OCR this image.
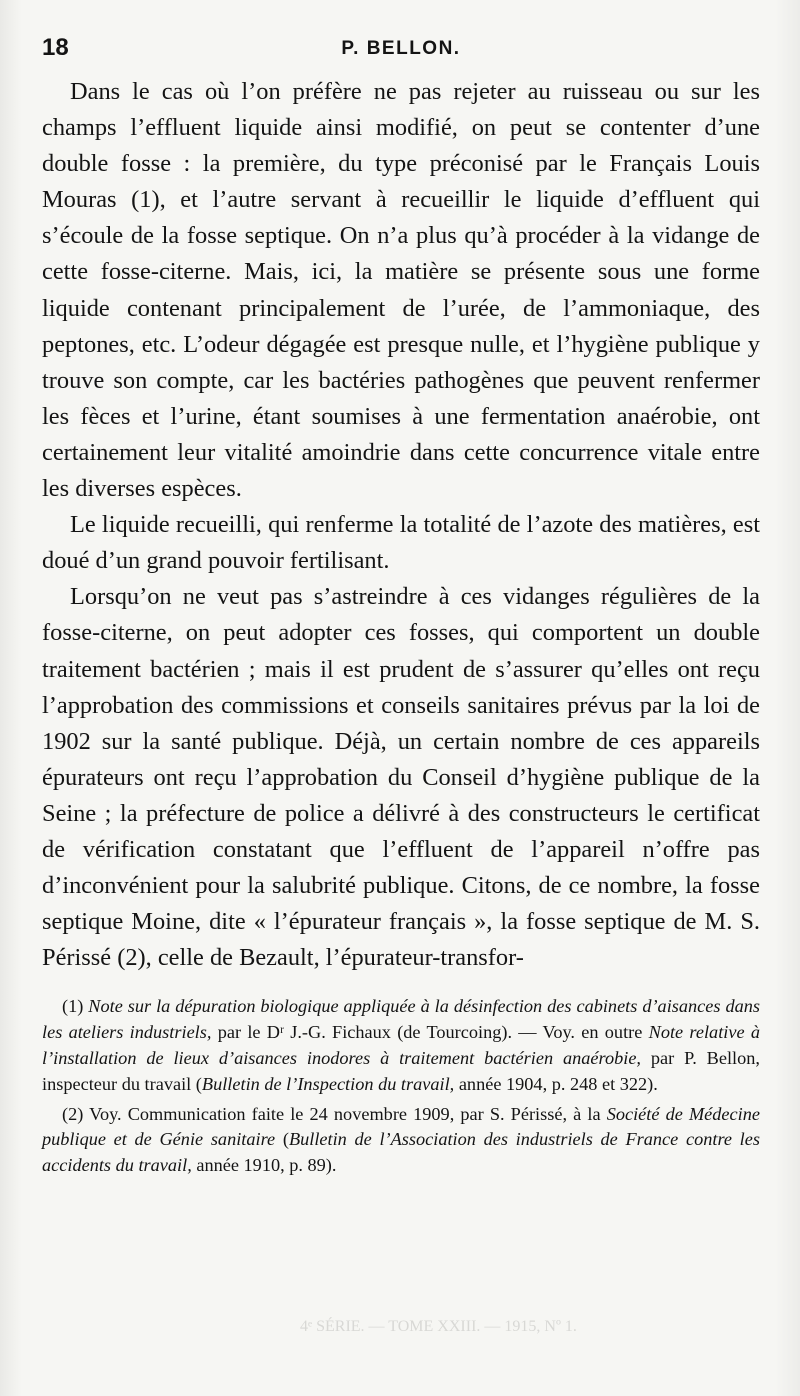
18	P. BELLON.

Dans le cas où l’on préfère ne pas rejeter au ruisseau ou sur les champs l’effluent liquide ainsi modifié, on peut se contenter d’une double fosse : la première, du type préconisé par le Français Louis Mouras (1), et l’autre servant à recueillir le liquide d’effluent qui s’écoule de la fosse septique. On n’a plus qu’à procéder à la vidange de cette fosse-citerne. Mais, ici, la matière se présente sous une forme liquide contenant principalement de l’urée, de l’ammoniaque, des peptones, etc. L’odeur dégagée est presque nulle, et l’hygiène publique y trouve son compte, car les bactéries pathogènes que peuvent renfermer les fèces et l’urine, étant soumises à une fermentation anaérobie, ont certainement leur vitalité amoindrie dans cette concurrence vitale entre les diverses espèces.

Le liquide recueilli, qui renferme la totalité de l’azote des matières, est doué d’un grand pouvoir fertilisant.

Lorsqu’on ne veut pas s’astreindre à ces vidanges régulières de la fosse-citerne, on peut adopter ces fosses, qui comportent un double traitement bactérien ; mais il est prudent de s’assurer qu’elles ont reçu l’approbation des commissions et conseils sanitaires prévus par la loi de 1902 sur la santé publique. Déjà, un certain nombre de ces appareils épurateurs ont reçu l’approbation du Conseil d’hygiène publique de la Seine ; la préfecture de police a délivré à des constructeurs le certificat de vérification constatant que l’effluent de l’appareil n’offre pas d’inconvénient pour la salubrité publique. Citons, de ce nombre, la fosse septique Moine, dite « l’épurateur français », la fosse septique de M. S. Périssé (2), celle de Bezault, l’épurateur-transfor-

(1) Note sur la dépuration biologique appliquée à la désinfection des cabinets d’aisances dans les ateliers industriels, par le Dʳ J.-G. Fichaux (de Tourcoing). — Voy. en outre Note relative à l’installation de lieux d’aisances inodores à traitement bactérien anaérobie, par P. Bellon, inspecteur du travail (Bulletin de l’Inspection du travail, année 1904, p. 248 et 322).

(2) Voy. Communication faite le 24 novembre 1909, par S. Périssé, à la Société de Médecine publique et de Génie sanitaire (Bulletin de l’Association des industriels de France contre les accidents du travail, année 1910, p. 89).

4ᵉ SÉRIE. — TOME XXIII. — 1915, Nº 1.
